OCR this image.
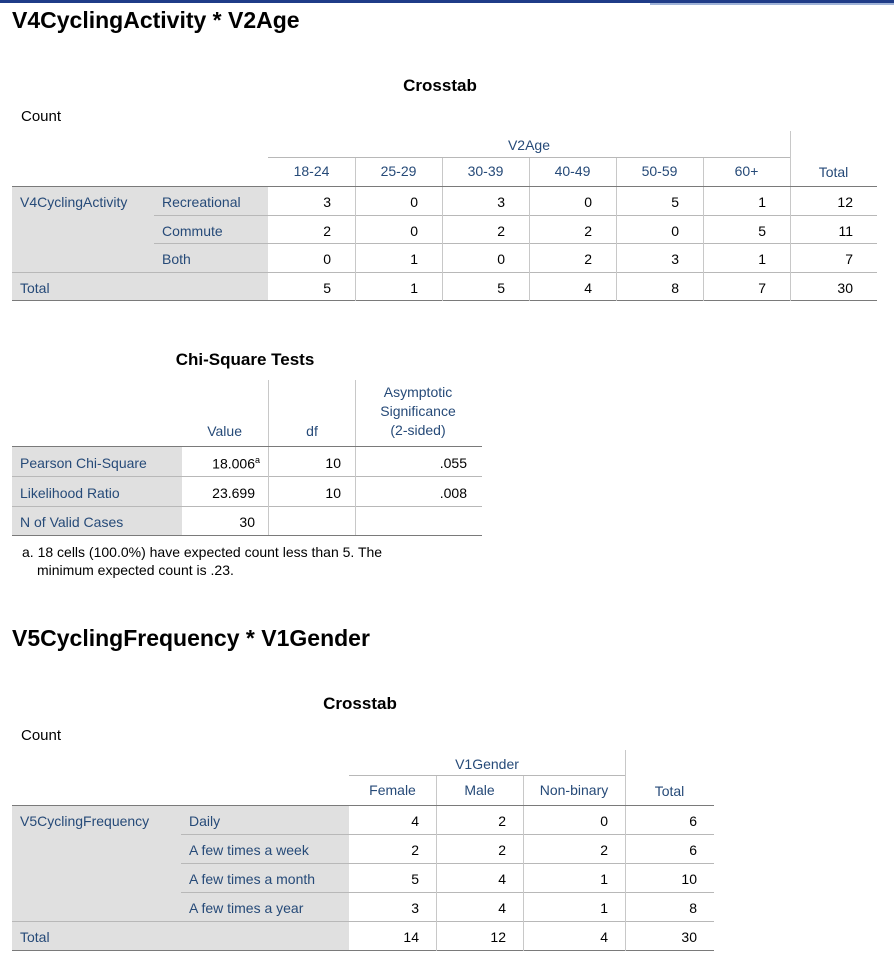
V4CyclingActivity * V2Age
Crosstab
Count
V2Age
18-24	25-29	30-39	40-49	50-59	60+	Total
V4CyclingActivity Recreational	3	0	3	0	5	1	12
Commute	2	0	2	2	0	5	11
Both	0	1	0	2	3	1	7
Total	5	1	5	4	8	7	30
Chi-Square Tests
Asymptotic
Significance
(2-sided)
Value	df
Pearson Chi-Square	18.006$^a$	10	.055
Likelihood Ratio	23.699	10	.008
N of Valid Cases	30
a. 18 cells (100.0%) have expected count less than 5. The
minimum expected count is .23.
V5CyclingFrequency * V1Gender
Crosstab
Count
V1Gender
Female	Male	Non-binary	Total
V5CyclingFrequency	Daily	4	2	0	6
A few times a week	2	2	2	6
A few times a month	5	4	1	10
A few times a year	3	4	1	8
Total	14	12	4	30
